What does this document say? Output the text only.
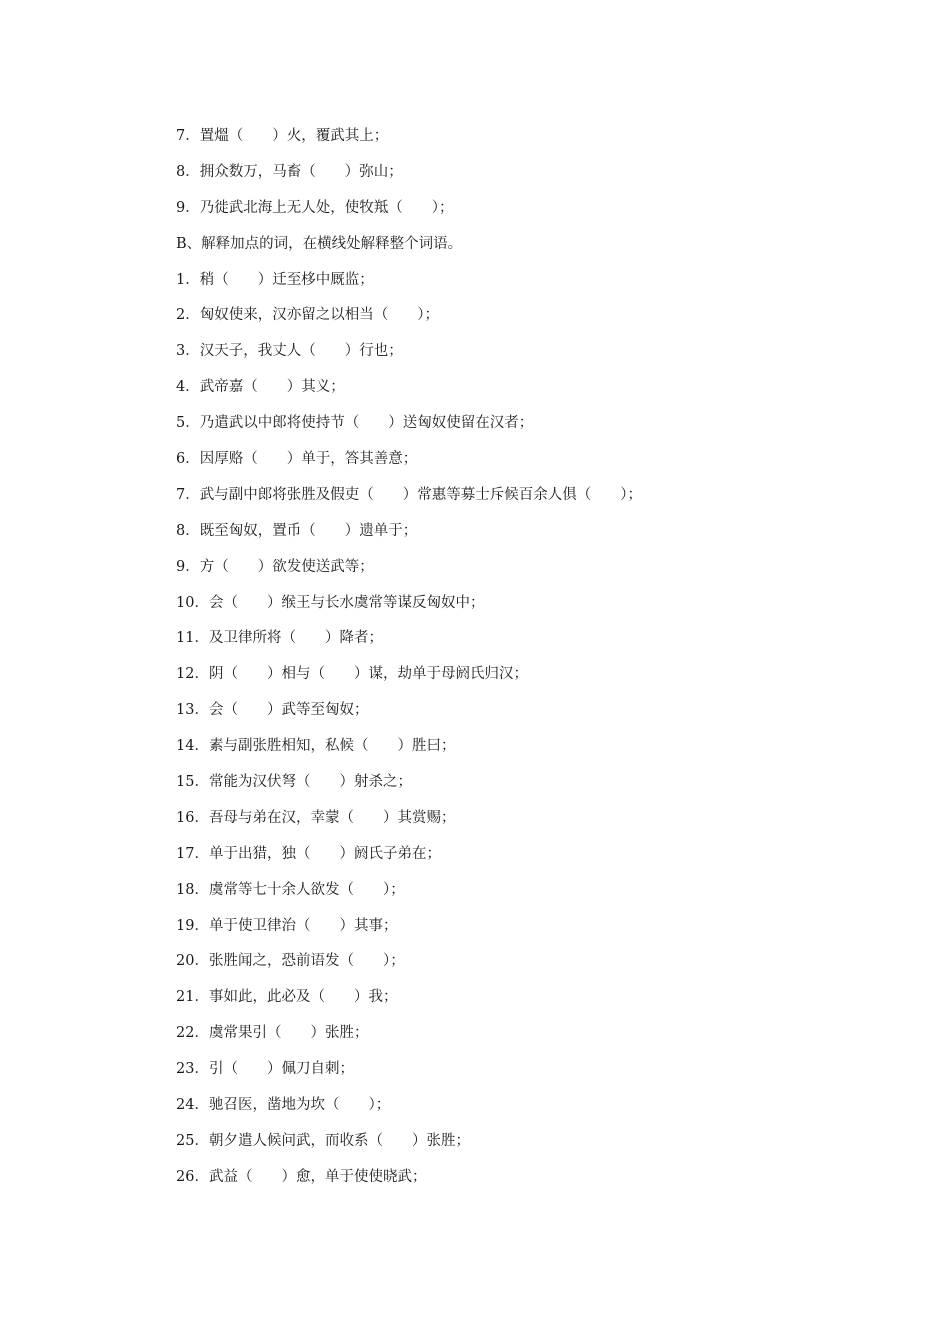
7．置熅（　　）火，覆武其上；
8．拥众数万，马畜（　　）弥山；
9．乃徙武北海上无人处，使牧羝（　　）；
B、解释加点的词，在横线处解释整个词语。
1．稍（　　）迁至栘中厩监；
2．匈奴使来，汉亦留之以相当（　　）；
3．汉天子，我丈人（　　）行也；
4．武帝嘉（　　）其义；
5．乃遣武以中郎将使持节（　　）送匈奴使留在汉者；
6．因厚赂（　　）单于，答其善意；
7．武与副中郎将张胜及假吏（　　）常惠等募士斥候百余人俱（　　）；
8．既至匈奴，置币（　　）遗单于；
9．方（　　）欲发使送武等；
10．会（　　）缑王与长水虞常等谋反匈奴中；
11．及卫律所将（　　）降者；
12．阴（　　）相与（　　）谋，劫单于母阏氏归汉；
13．会（　　）武等至匈奴；
14．素与副张胜相知，私候（　　）胜曰；
15．常能为汉伏弩（　　）射杀之；
16．吾母与弟在汉，幸蒙（　　）其赏赐；
17．单于出猎，独（　　）阏氏子弟在；
18．虞常等七十余人欲发（　　）；
19．单于使卫律治（　　）其事；
20．张胜闻之，恐前语发（　　）；
21．事如此，此必及（　　）我；
22．虞常果引（　　）张胜；
23．引（　　）佩刀自刺；
24．驰召医，凿地为坎（　　）；
25．朝夕遣人候问武，而收系（　　）张胜；
26．武益（　　）愈，单于使使晓武；
